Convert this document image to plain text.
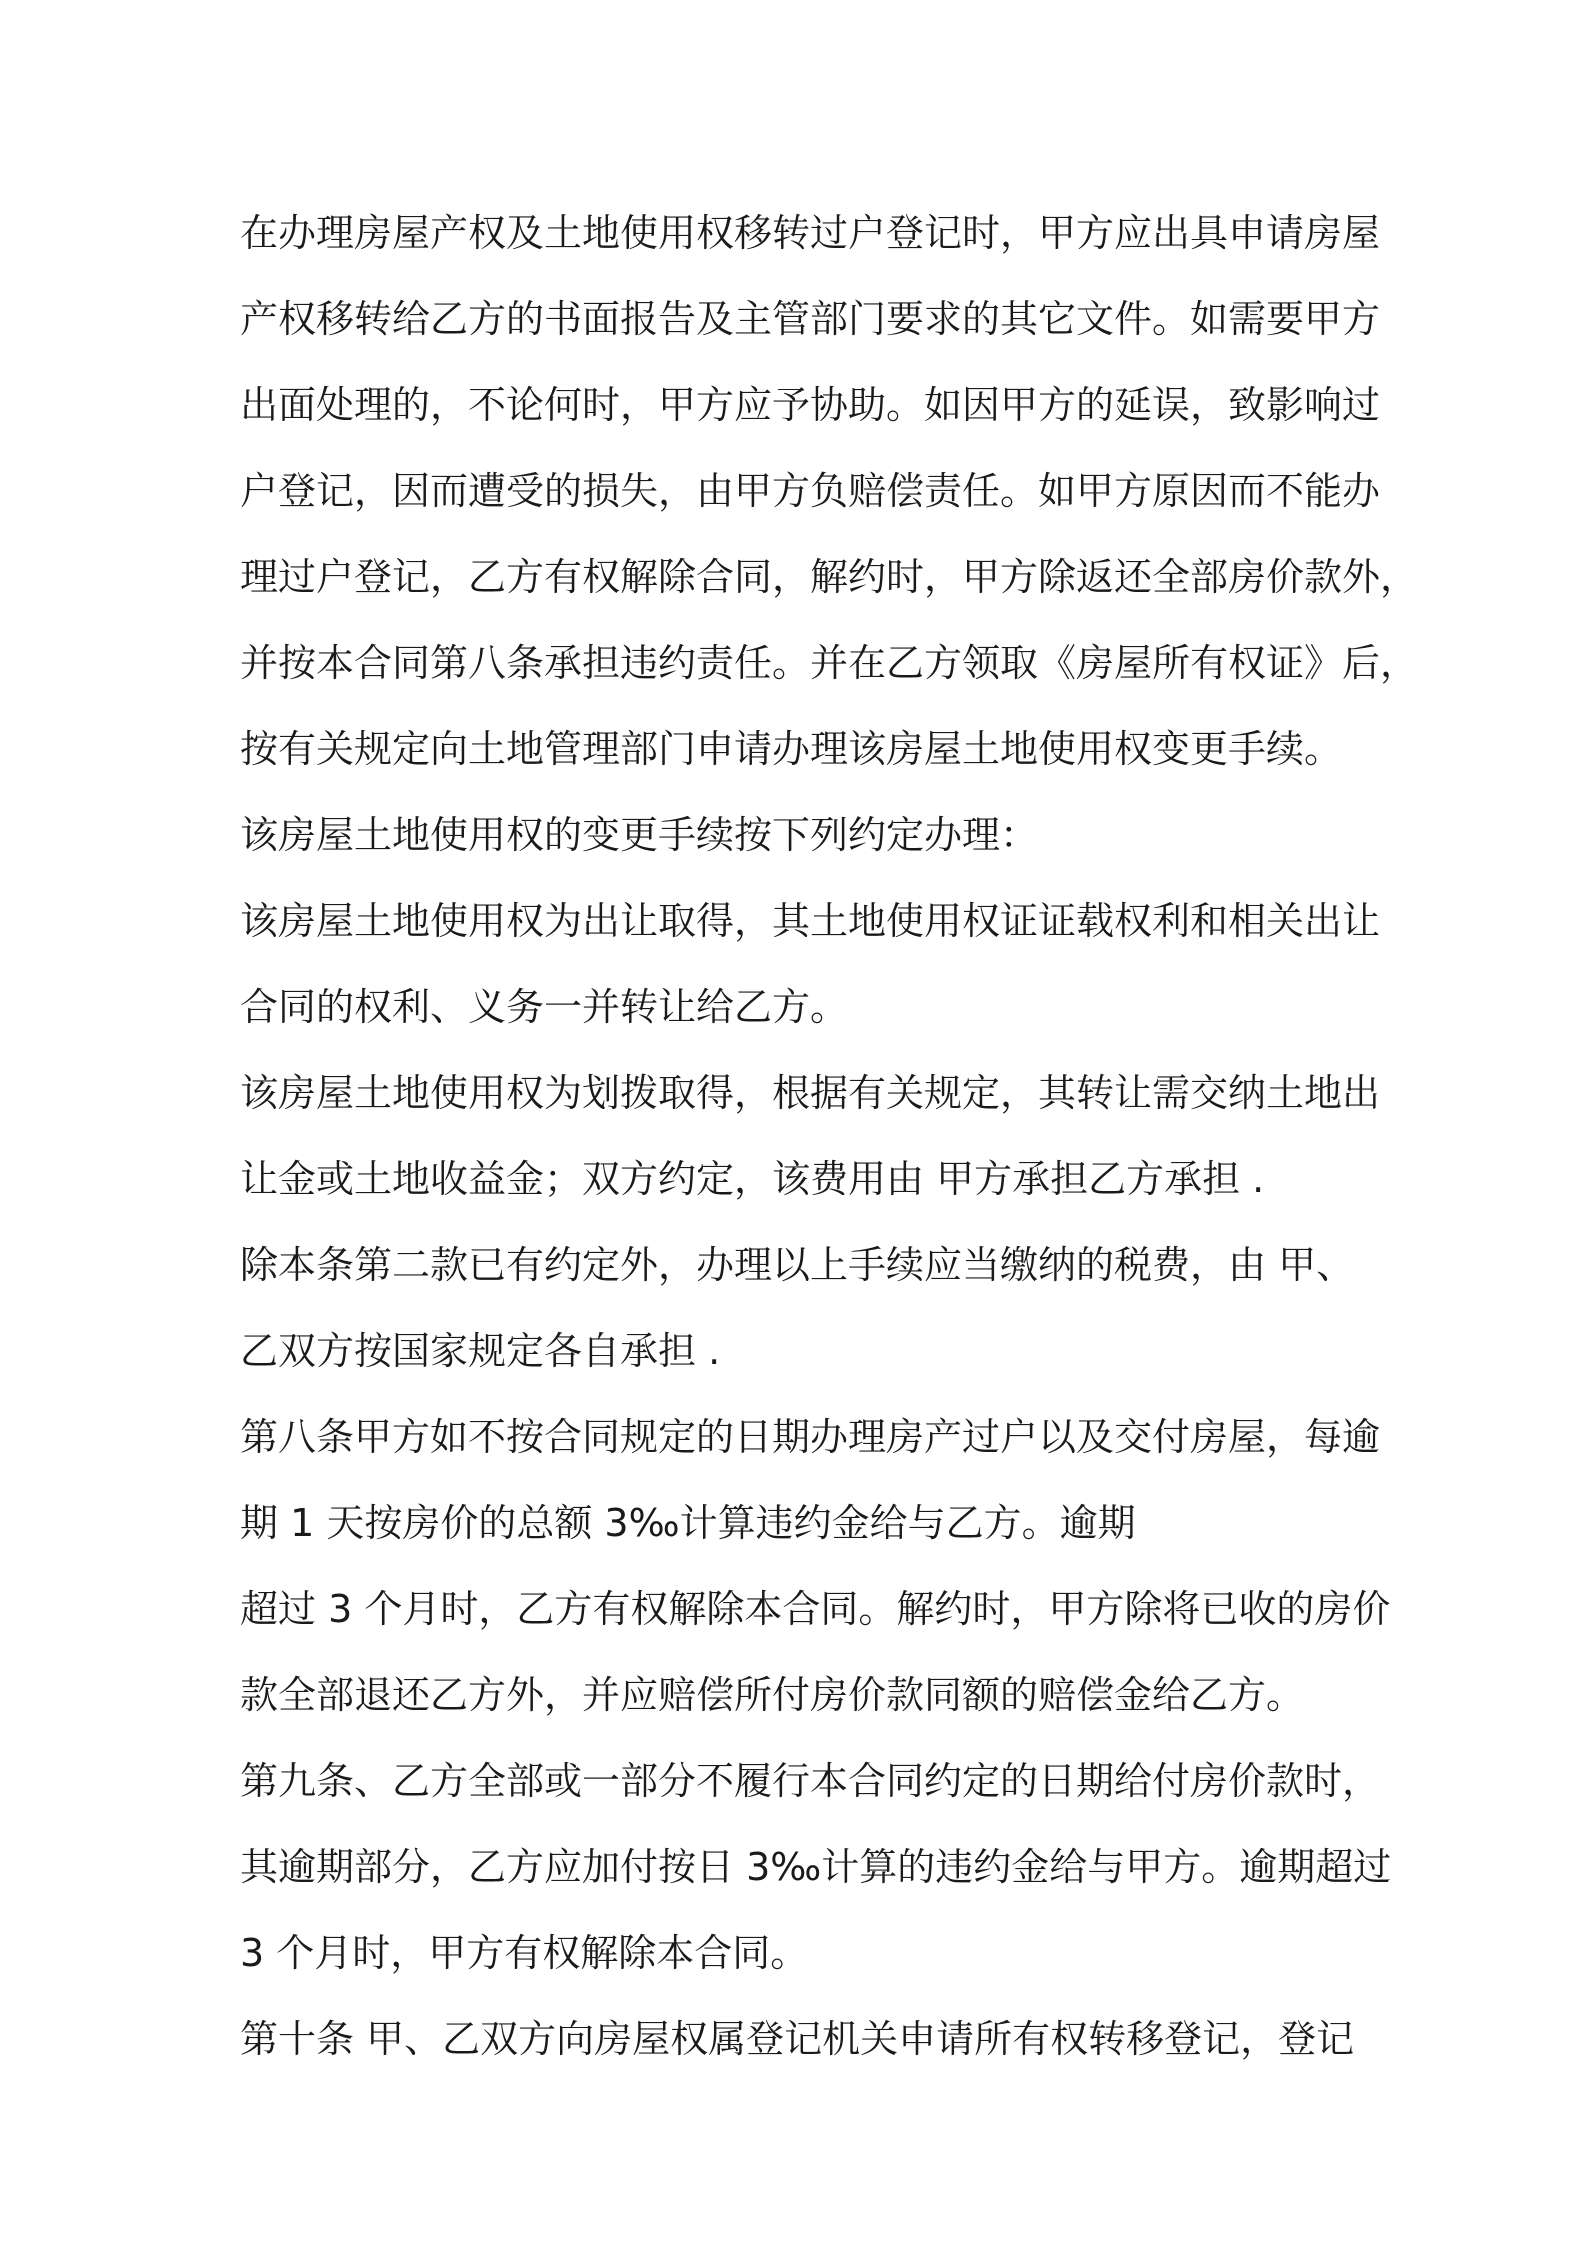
在办理房屋产权及土地使用权移转过户登记时，甲方应出具申请房屋
产权移转给乙方的书面报告及主管部门要求的其它文件。如需要甲方
出面处理的，不论何时，甲方应予协助。如因甲方的延误，致影响过
户登记，因而遭受的损失，由甲方负赔偿责任。如甲方原因而不能办
理过户登记，乙方有权解除合同，解约时，甲方除返还全部房价款外，
并按本合同第八条承担违约责任。并在乙方领取《房屋所有权证》后，
按有关规定向土地管理部门申请办理该房屋土地使用权变更手续。
该房屋土地使用权的变更手续按下列约定办理：
该房屋土地使用权为出让取得，其土地使用权证证载权利和相关出让
合同的权利、义务一并转让给乙方。
该房屋土地使用权为划拨取得，根据有关规定，其转让需交纳土地出
让金或土地收益金；双方约定，该费用由 甲方承担乙方承担 .
除本条第二款已有约定外，办理以上手续应当缴纳的税费，由 甲、
乙双方按国家规定各自承担 .
第八条甲方如不按合同规定的日期办理房产过户以及交付房屋，每逾
期 1 天按房价的总额 3‰计算违约金给与乙方。逾期
超过 3 个月时，乙方有权解除本合同。解约时，甲方除将已收的房价
款全部退还乙方外，并应赔偿所付房价款同额的赔偿金给乙方。
第九条、乙方全部或一部分不履行本合同约定的日期给付房价款时，
其逾期部分，乙方应加付按日 3‰计算的违约金给与甲方。逾期超过
3 个月时，甲方有权解除本合同。
第十条 甲、乙双方向房屋权属登记机关申请所有权转移登记，登记
